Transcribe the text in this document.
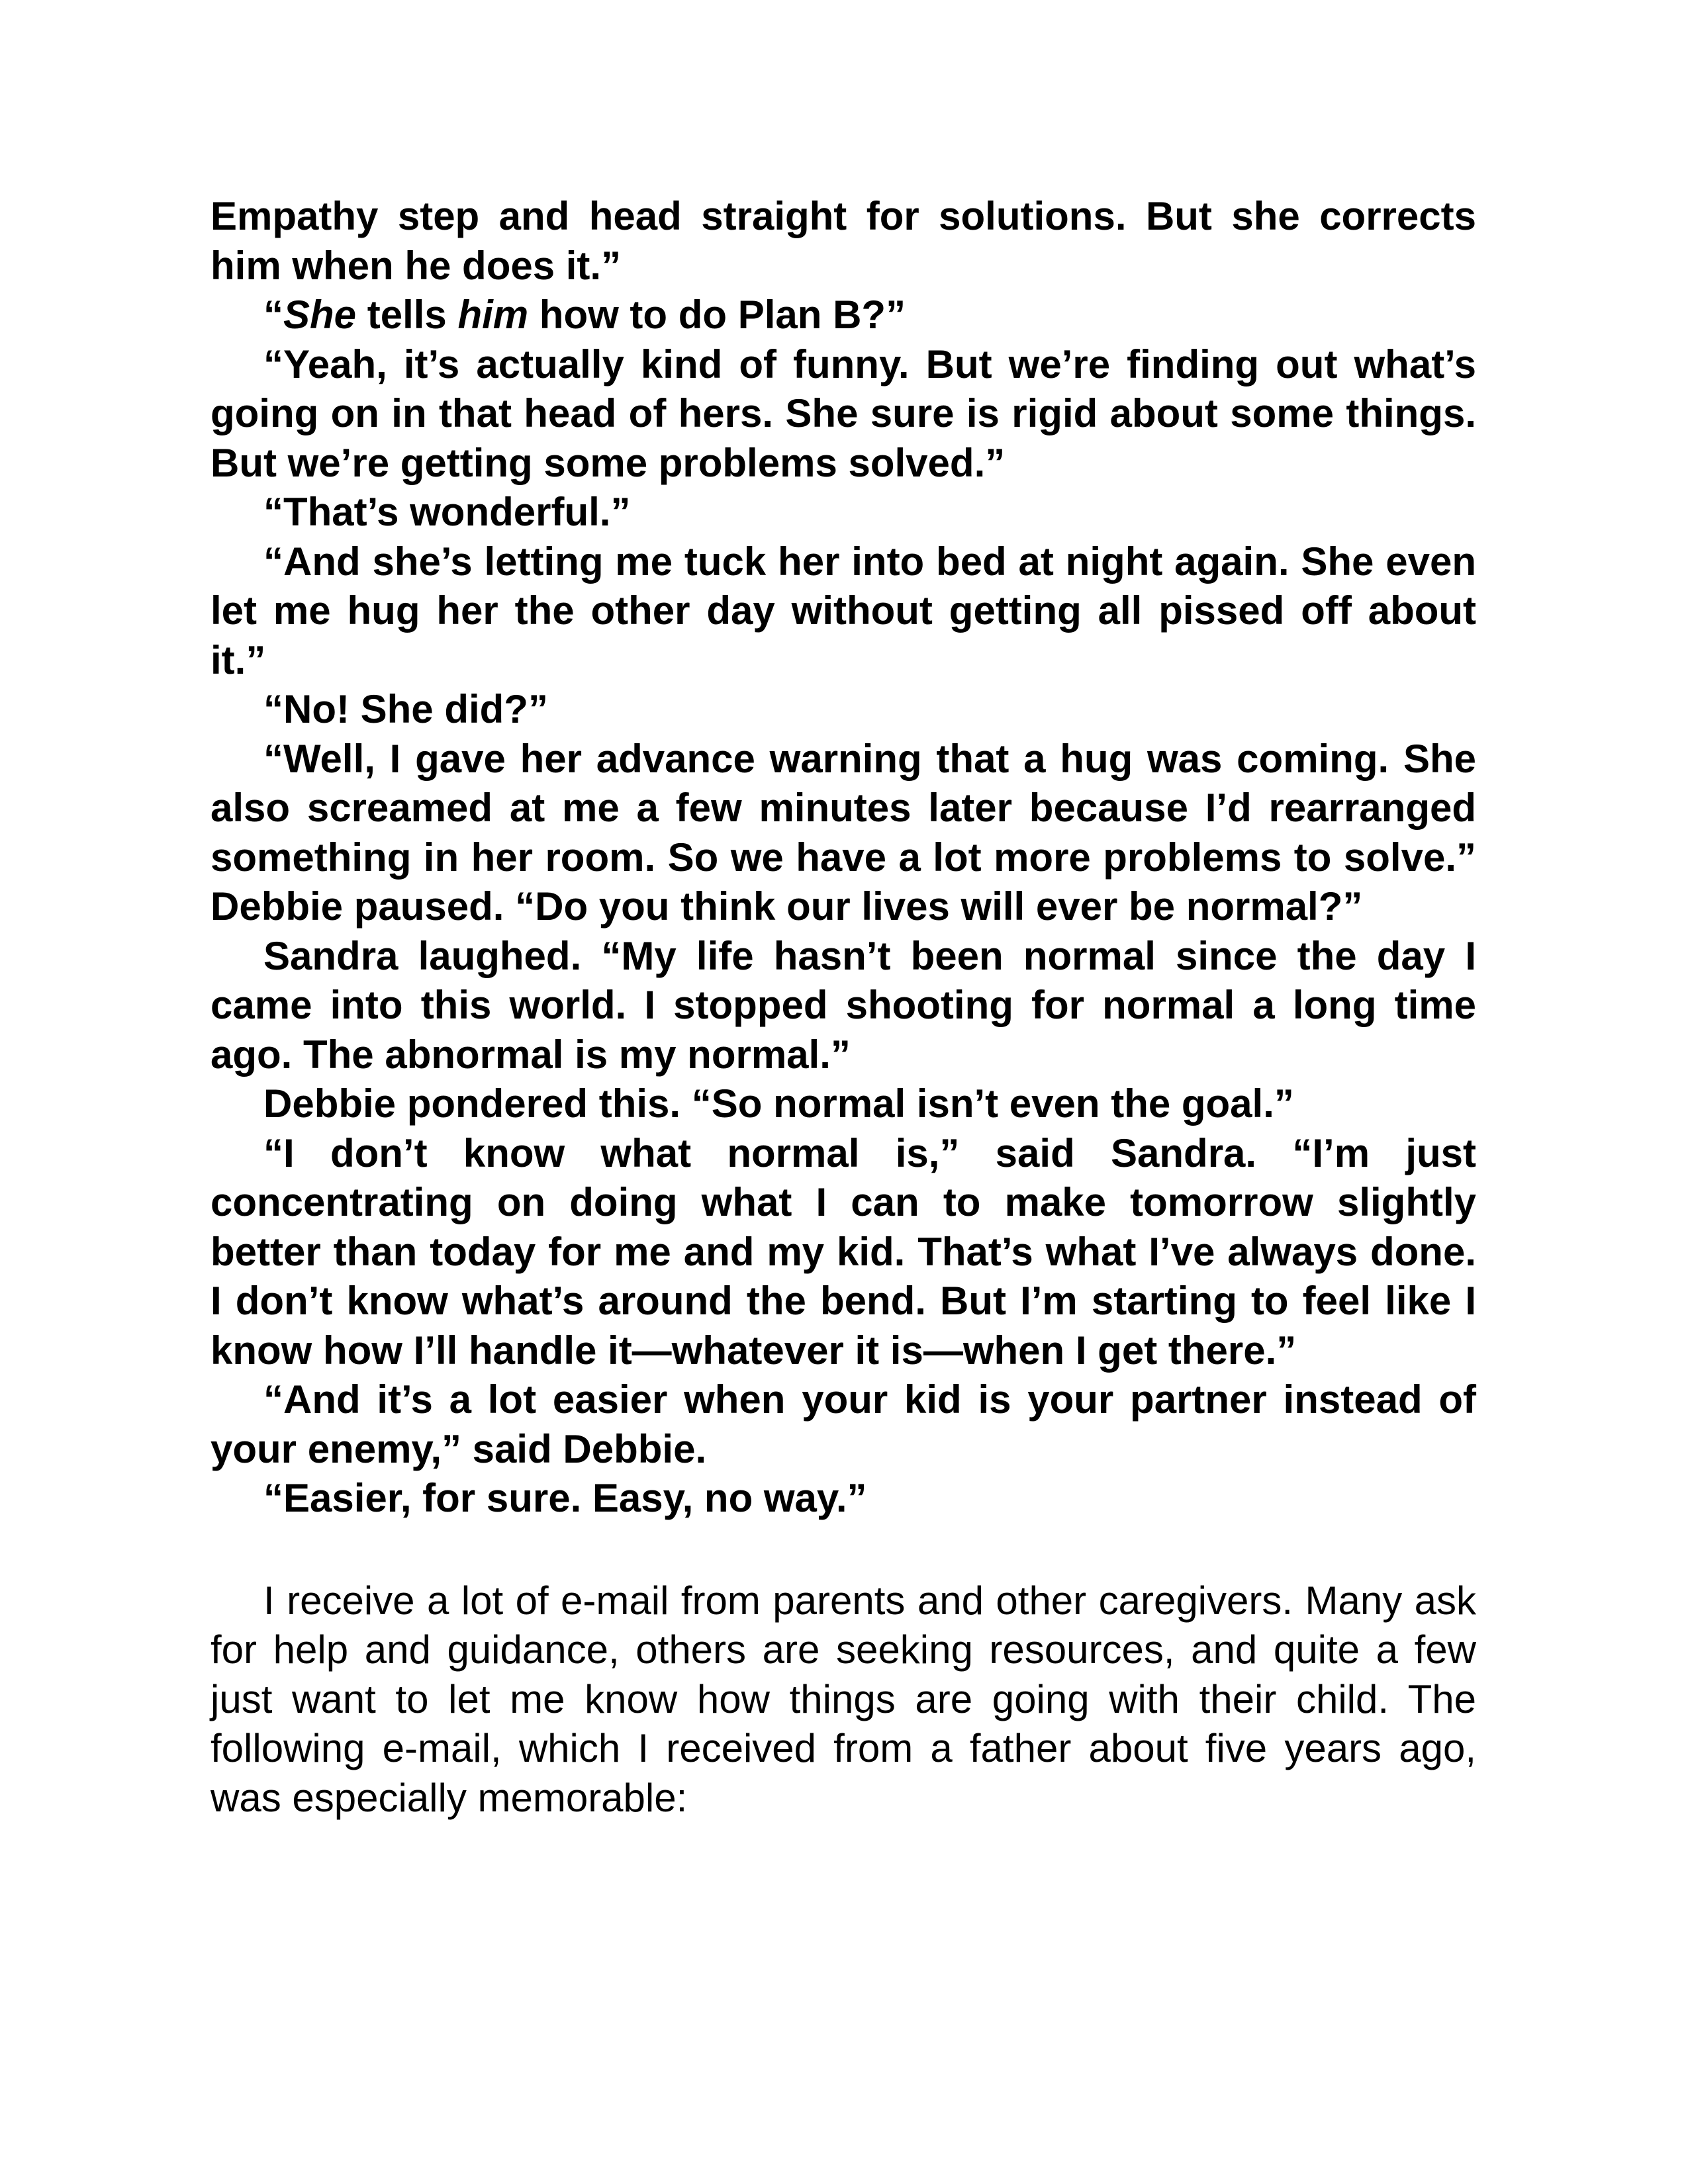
Empathy step and head straight for solutions. But she corrects him when he does it.”

“She tells him how to do Plan B?”

“Yeah, it’s actually kind of funny. But we’re finding out what’s going on in that head of hers. She sure is rigid about some things. But we’re getting some problems solved.”

“That’s wonderful.”

“And she’s letting me tuck her into bed at night again. She even let me hug her the other day without getting all pissed off about it.”

“No! She did?”

“Well, I gave her advance warning that a hug was coming. She also screamed at me a few minutes later because I’d rearranged something in her room. So we have a lot more problems to solve.” Debbie paused. “Do you think our lives will ever be normal?”

Sandra laughed. “My life hasn’t been normal since the day I came into this world. I stopped shooting for normal a long time ago. The abnormal is my normal.”

Debbie pondered this. “So normal isn’t even the goal.”

“I don’t know what normal is,” said Sandra. “I’m just concentrating on doing what I can to make tomorrow slightly better than today for me and my kid. That’s what I’ve always done. I don’t know what’s around the bend. But I’m starting to feel like I know how I’ll handle it—whatever it is—when I get there.”

“And it’s a lot easier when your kid is your partner instead of your enemy,” said Debbie.

“Easier, for sure. Easy, no way.”

I receive a lot of e-mail from parents and other caregivers. Many ask for help and guidance, others are seeking resources, and quite a few just want to let me know how things are going with their child. The following e-mail, which I received from a father about five years ago, was especially memorable:
